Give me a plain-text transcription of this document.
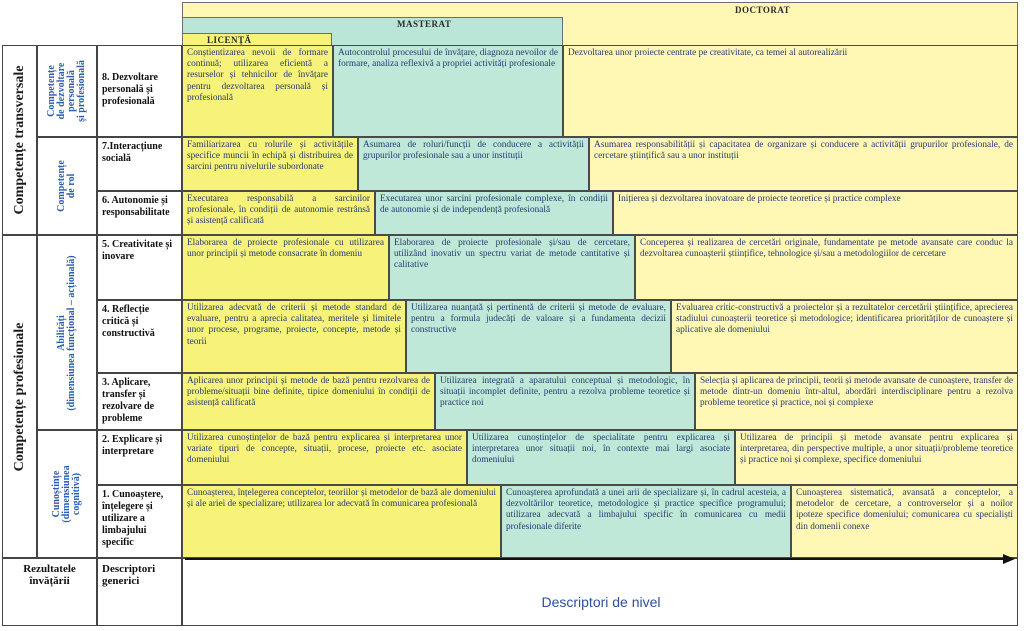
DOCTORAT
MASTERAT
LICENȚĂ
Competențe transversale
Competențe profesionale
Competențe
de dezvoltare
personală
și profesională
Competențe
de rol
Abilități
(dimensiunea funcțional – acțională)
Cunoștințe
(dimensiunea
cognitivă)
8. Dezvoltare personală și profesională
Conștientizarea nevoii de formare continuă; utilizarea eficientă a resurselor și tehnicilor de învățare pentru dezvoltarea personală și profesională
Autocontrolul procesului de învățare, diagnoza nevoilor de formare, analiza reflexivă a propriei activități profesionale
Dezvoltarea unor proiecte centrate pe creativitate, ca temei al autorealizării
7.Interacțiune socială
Familiarizarea cu rolurile și activitățile specifice muncii în echipă și distribuirea de sarcini pentru nivelurile subordonate
Asumarea de roluri/funcții de conducere a activității grupurilor profesionale sau a unor instituții
Asumarea responsabilității și capacitatea de organizare și conducere a activității grupurilor profesionale, de cercetare științifică sau a unor instituții
6. Autonomie și responsabilitate
Executarea responsabilă a sarcinilor profesionale, în condiții de autonomie restrânsă și asistență calificată
Executarea unor sarcini profesionale complexe, în condiții de autonomie și de independență profesională
Inițierea și dezvoltarea inovatoare de proiecte teoretice și practice complexe
5. Creativitate și inovare
Elaborarea de proiecte profesionale cu utilizarea unor principii și metode consacrate în domeniu
Elaborarea de proiecte profesionale și/sau de cercetare, utilizând inovativ un spectru variat de metode cantitative și calitative
Conceperea și realizarea de cercetări originale, fundamentate pe metode avansate care conduc la dezvoltarea cunoașterii științifice, tehnologice și/sau a metodologiilor de cercetare
4. Reflecție critică și constructivă
Utilizarea adecvată de criterii și metode standard de evaluare, pentru a aprecia calitatea, meritele și limitele unor procese, programe, proiecte, concepte, metode și teorii
Utilizarea nuanțată și pertinentă de criterii și metode de evaluare, pentru a formula judecăți de valoare și a fundamenta decizii constructive
Evaluarea critic-constructivă a proiectelor și a rezultatelor cercetării științifice, aprecierea stadiului cunoașterii teoretice și metodologice; identificarea priorităților de cunoaștere și aplicative ale domeniului
3. Aplicare, transfer și rezolvare de probleme
Aplicarea unor principii și metode de bază pentru rezolvarea de probleme/situații bine definite, tipice domeniului în condiții de asistență calificată
Utilizarea integrată a aparatului conceptual și metodologic, în situații incomplet definite, pentru a rezolva probleme teoretice și practice noi
Selecția și aplicarea de principii, teorii și metode avansate de cunoaștere, transfer de metode dintr-un domeniu într-altul, abordări interdisciplinare pentru a rezolva probleme teoretice și practice, noi și complexe
2. Explicare și interpretare
Utilizarea cunoștințelor de bază pentru explicarea și interpretarea unor variate tipuri de concepte, situații, procese, proiecte etc. asociate domeniului
Utilizarea cunoștințelor de specialitate pentru explicarea și interpretarea unor situații noi, în contexte mai largi asociate domeniului
Utilizarea de principii și metode avansate pentru explicarea și interpretarea, din perspective multiple, a unor situații/probleme teoretice și practice noi și complexe, specifice domeniului
1. Cunoaștere, înțelegere și utilizare a limbajului specific
Cunoașterea, înțelegerea conceptelor, teoriilor și metodelor de bază ale domeniului și ale ariei de specializare; utilizarea lor adecvată în comunicarea profesională
Cunoașterea aprofundată a unei arii de specializare și, în cadrul acesteia, a dezvoltărilor teoretice, metodologice și practice specifice programului; utilizarea adecvată a limbajului specific în comunicarea cu medii profesionale diferite
Cunoașterea sistematică, avansată a conceptelor, a metodelor de cercetare, a controverselor și a noilor ipoteze specifice domeniului; comunicarea cu specialiști din domenii conexe
Rezultatele învățării
Descriptori generici
Descriptori de nivel
